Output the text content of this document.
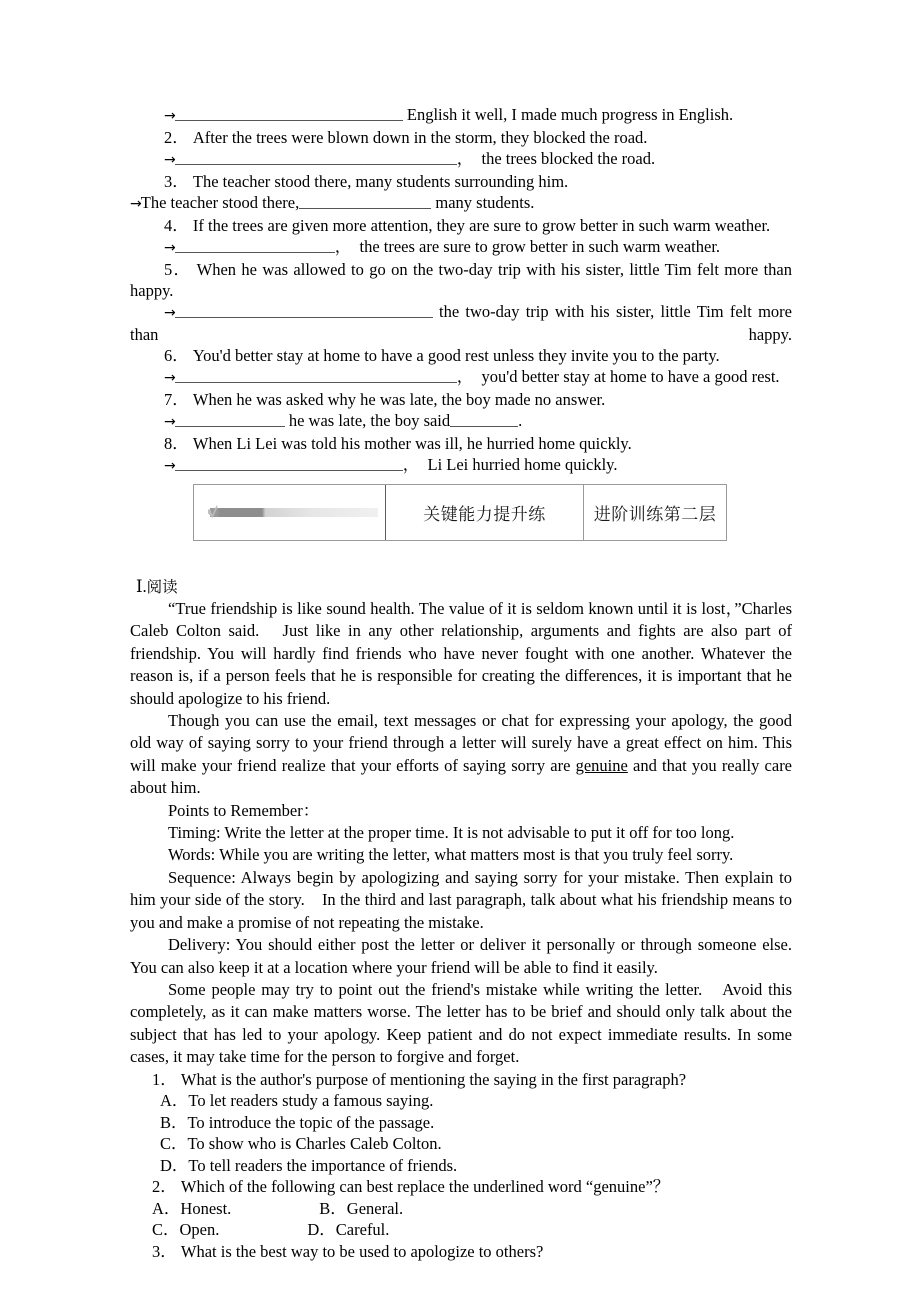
→	English it well, I made much progress in English.
2． After the trees were blown down in the storm, they blocked the road.
→	，　the trees blocked the road.
3． The teacher stood there, many students surrounding him.
→The teacher stood there,	many students.
4． If the trees are given more attention, they are sure to grow better in such warm weather.
→	，　the trees are sure to grow better in such warm weather.
5． When he was allowed to go on the two-day trip with his sister, little Tim felt more than happy.
→	the two-day trip with his sister, little Tim felt more than happy.
6． You'd better stay at home to have a good rest unless they invite you to the party.
→	，　you'd better stay at home to have a good rest.
7． When he was asked why he was late, the boy made no answer.
→	he was late, the boy said	.
8． When Li Lei was told his mother was ill, he hurried home quickly.
→	，　Li Lei hurried home quickly.
关键能力提升练	进阶训练第二层
Ⅰ.阅读

“True friendship is like sound health. The value of it is seldom known until it is lost，”Charles Caleb Colton said.　Just like in any other relationship, arguments and fights are also part of friendship. You will hardly find friends who have never fought with one another. Whatever the reason is, if a person feels that he is responsible for creating the differences, it is important that he should apologize to his friend.

Though you can use the email, text messages or chat for expressing your apology, the good old way of saying sorry to your friend through a letter will surely have a great effect on him. This will make your friend realize that your efforts of saying sorry are genuine and that you really care about him.

Points to Remember：

Timing: Write the letter at the proper time. It is not advisable to put it off for too long.

Words: While you are writing the letter, what matters most is that you truly feel sorry.

Sequence: Always begin by apologizing and saying sorry for your mistake. Then explain to him your side of the story.　In the third and last paragraph, talk about what his friendship means to you and make a promise of not repeating the mistake.

Delivery: You should either post the letter or deliver it personally or through someone else. You can also keep it at a location where your friend will be able to find it easily.

Some people may try to point out the friend's mistake while writing the letter.　Avoid this completely, as it can make matters worse. The letter has to be brief and should only talk about the subject that has led to your apology. Keep patient and do not expect immediate results. In some cases, it may take time for the person to forgive and forget.

1． What is the author's purpose of mentioning the saying in the first paragraph?

A．To let readers study a famous saying.

B．To introduce the topic of the passage.

C．To show who is Charles Caleb Colton.

D．To tell readers the importance of friends.

2． Which of the following can best replace the underlined word “genuine”？

A．Honest.	B．General.

C．Open.	D．Careful.

3． What is the best way to be used to apologize to others?
